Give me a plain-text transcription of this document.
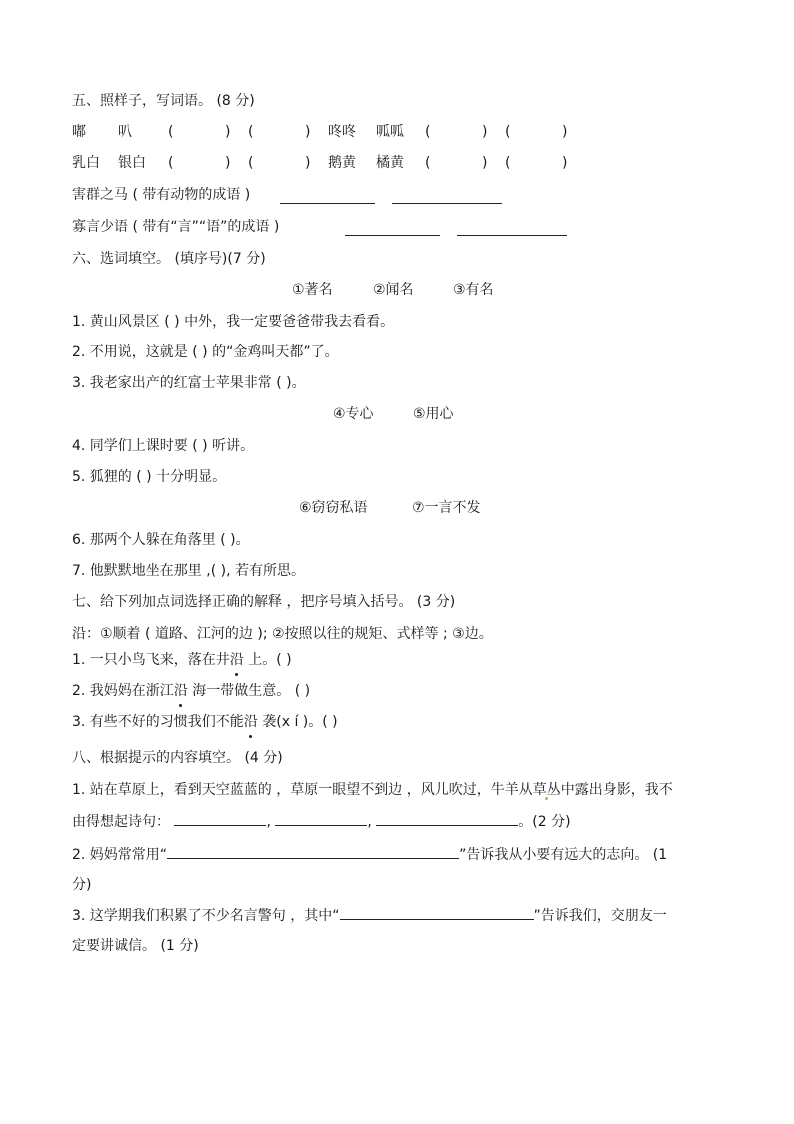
五、照样子，写词语。 (8 分)
嘟 叭	(	) (	) 咚咚 呱呱 (	) (	)
乳白 银白 (	) (	) 鹅黄 橘黄 (	) (	)
害群之马 ( 带有动物的成语 )
寡言少语 ( 带有“言”“语”的成语 )
六、选词填空。 (填序号)(7 分)
①著名	②闻名	③有名
1. 黄山风景区 ( ) 中外，我一定要爸爸带我去看看。
2. 不用说，这就是 ( ) 的“金鸡叫天都”了。
3. 我老家出产的红富士苹果非常 ( )。
④专心	⑤用心
4. 同学们上课时要 ( ) 听讲。
5. 狐狸的 ( ) 十分明显。
⑥窃窃私语	⑦一言不发
6. 那两个人躲在角落里 ( )。
7. 他默默地坐在那里 ,( ), 若有所思。
七、给下列加点词选择正确的解释 ，把序号填入括号。 (3 分)
沿：①顺着 ( 道路、江河的边 ); ②按照以往的规矩、式样等 ; ③边。
1. 一只小鸟飞来，落在井沿 上。( )
2. 我妈妈在浙江沿 海一带做生意。 ( )
3. 有些不好的习惯我们不能沿 袭(x í )。( )
八、根据提示的内容填空。 (4 分)
1. 站在草原上，看到天空蓝蓝的 ，草原一眼望不到边 ，风儿吹过，牛羊从草丛中露出身影，我不
由得想起诗句：	,	,	。(2 分)
2. 妈妈常常用“	”告诉我从小要有远大的志向。 (1
分)
3. 这学期我们积累了不少名言警句 ，其中“	”告诉我们，交朋友一
定要讲诚信。 (1 分)
